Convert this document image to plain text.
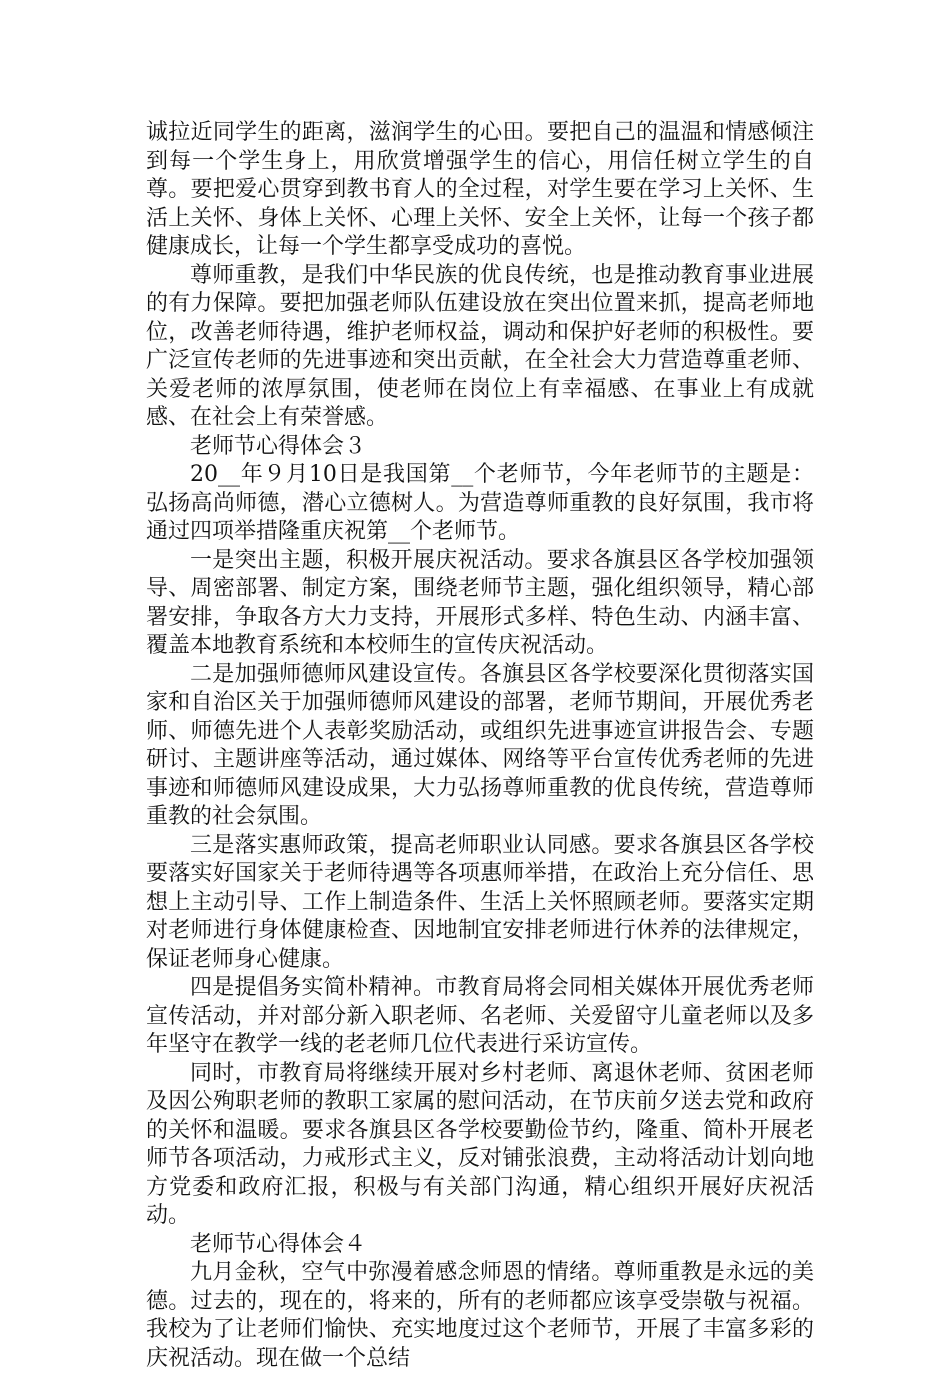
诚拉近同学生的距离，滋润学生的心田。要把自己的温温和情感倾注到每一个学生身上，用欣赏增强学生的信心，用信任树立学生的自尊。要把爱心贯穿到教书育人的全过程，对学生要在学习上关怀、生活上关怀、身体上关怀、心理上关怀、安全上关怀，让每一个孩子都健康成长，让每一个学生都享受成功的喜悦。

尊师重教，是我们中华民族的优良传统，也是推动教育事业进展的有力保障。要把加强老师队伍建设放在突出位置来抓，提高老师地位，改善老师待遇，维护老师权益，调动和保护好老师的积极性。要广泛宣传老师的先进事迹和突出贡献，在全社会大力营造尊重老师、关爱老师的浓厚氛围，使老师在岗位上有幸福感、在事业上有成就感、在社会上有荣誉感。

老师节心得体会３

20__年９月10日是我国第__个老师节，今年老师节的主题是：弘扬高尚师德，潜心立德树人。为营造尊师重教的良好氛围，我市将通过四项举措隆重庆祝第__个老师节。

一是突出主题，积极开展庆祝活动。要求各旗县区各学校加强领导、周密部署、制定方案，围绕老师节主题，强化组织领导，精心部署安排，争取各方大力支持，开展形式多样、特色生动、内涵丰富、覆盖本地教育系统和本校师生的宣传庆祝活动。

二是加强师德师风建设宣传。各旗县区各学校要深化贯彻落实国家和自治区关于加强师德师风建设的部署，老师节期间，开展优秀老师、师德先进个人表彰奖励活动，或组织先进事迹宣讲报告会、专题研讨、主题讲座等活动，通过媒体、网络等平台宣传优秀老师的先进事迹和师德师风建设成果，大力弘扬尊师重教的优良传统，营造尊师重教的社会氛围。

三是落实惠师政策，提高老师职业认同感。要求各旗县区各学校要落实好国家关于老师待遇等各项惠师举措，在政治上充分信任、思想上主动引导、工作上制造条件、生活上关怀照顾老师。要落实定期对老师进行身体健康检查、因地制宜安排老师进行休养的法律规定，保证老师身心健康。

四是提倡务实简朴精神。市教育局将会同相关媒体开展优秀老师宣传活动，并对部分新入职老师、名老师、关爱留守儿童老师以及多年坚守在教学一线的老老师几位代表进行采访宣传。

同时，市教育局将继续开展对乡村老师、离退休老师、贫困老师及因公殉职老师的教职工家属的慰问活动，在节庆前夕送去党和政府的关怀和温暖。要求各旗县区各学校要勤俭节约，隆重、简朴开展老师节各项活动，力戒形式主义，反对铺张浪费，主动将活动计划向地方党委和政府汇报，积极与有关部门沟通，精心组织开展好庆祝活动。

老师节心得体会４

九月金秋，空气中弥漫着感念师恩的情绪。尊师重教是永远的美德。过去的，现在的，将来的，所有的老师都应该享受崇敬与祝福。我校为了让老师们愉快、充实地度过这个老师节，开展了丰富多彩的庆祝活动。现在做一个总结
